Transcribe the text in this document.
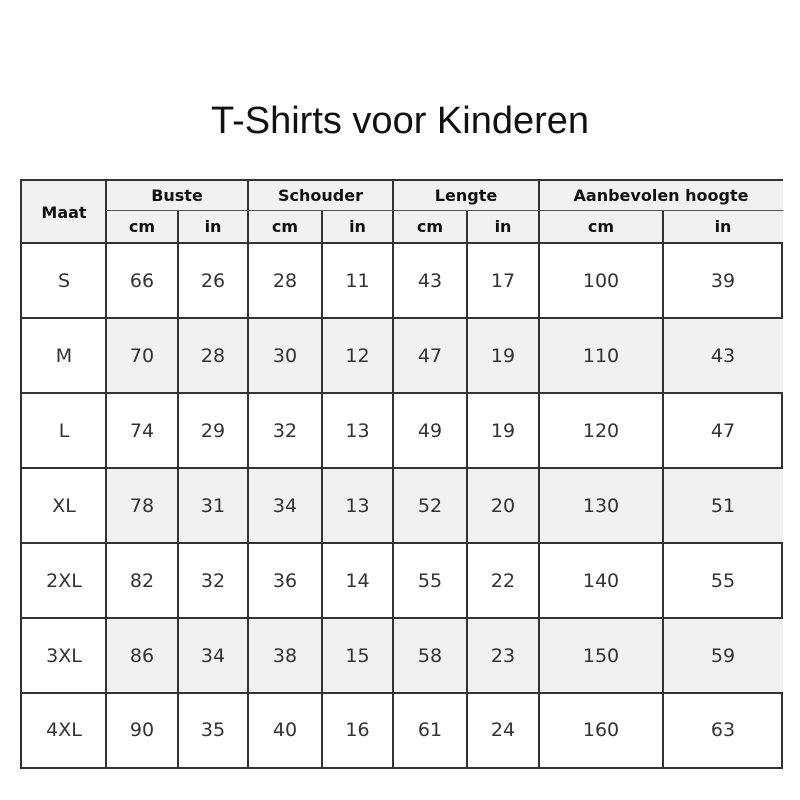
T-Shirts voor Kinderen
Maat
Buste
cm	in
Schouder
cm	in
Lengte
cm	in
Aanbevolen hoogte
cm	in
S	66	26	28	11	43	17	100	39
M	70	28	30	12	47	19	110	43
L	74	29	32	13	49	19	120	47
XL	78	31	34	13	52	20	130	51
2XL	82	32	36	14	55	22	140	55
3XL	86	34	38	15	58	23	150	59
4XL	90	35	40	16	61	24	160	63
